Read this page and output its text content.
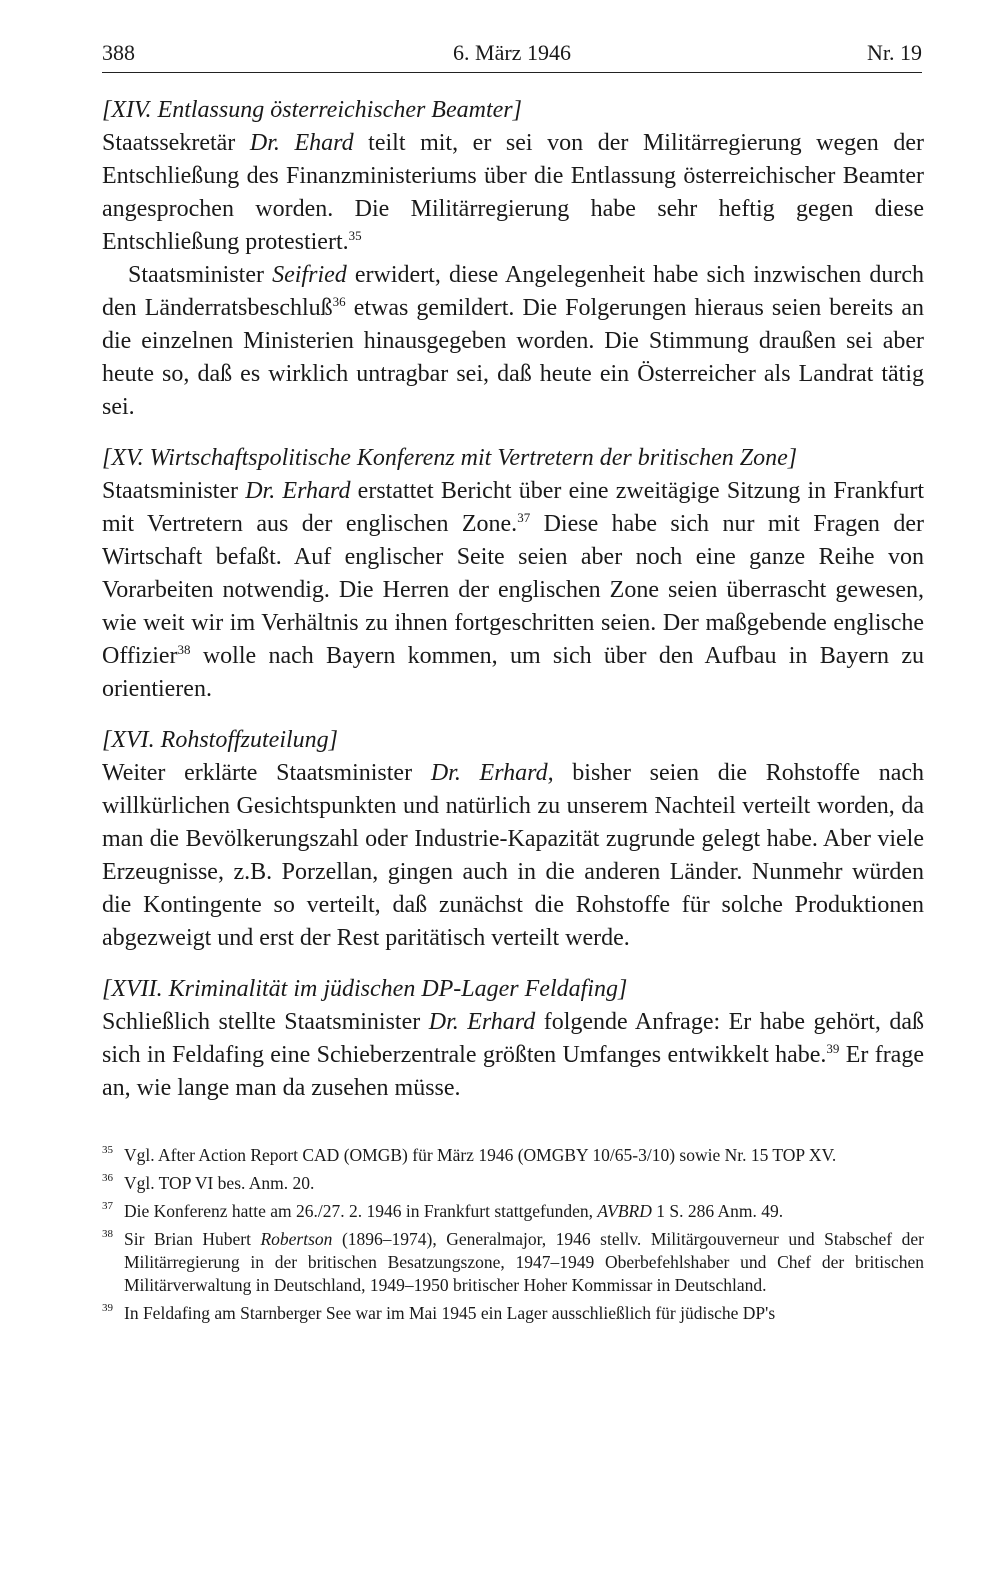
388	6. März 1946	Nr. 19

[XIV. Entlassung österreichischer Beamter]

Staatssekretär Dr. Ehard teilt mit, er sei von der Militärregierung wegen der Entschließung des Finanzministeriums über die Entlassung österreichischer Beamter angesprochen worden. Die Militärregierung habe sehr heftig gegen diese Entschließung protestiert.$^{35}$

Staatsminister Seifried erwidert, diese Angelegenheit habe sich inzwischen durch den Länderratsbeschluß$^{36}$ etwas gemildert. Die Folgerungen hieraus seien bereits an die einzelnen Ministerien hinausgegeben worden. Die Stimmung draußen sei aber heute so, daß es wirklich untragbar sei, daß heute ein Österreicher als Landrat tätig sei.

[XV. Wirtschaftspolitische Konferenz mit Vertretern der britischen Zone]

Staatsminister Dr. Erhard erstattet Bericht über eine zweitägige Sitzung in Frankfurt mit Vertretern aus der englischen Zone.$^{37}$ Diese habe sich nur mit Fragen der Wirtschaft befaßt. Auf englischer Seite seien aber noch eine ganze Reihe von Vorarbeiten notwendig. Die Herren der englischen Zone seien überrascht gewesen, wie weit wir im Verhältnis zu ihnen fortgeschritten seien. Der maßgebende englische Offizier$^{38}$ wolle nach Bayern kommen, um sich über den Aufbau in Bayern zu orientieren.

[XVI. Rohstoffzuteilung]

Weiter erklärte Staatsminister Dr. Erhard, bisher seien die Rohstoffe nach willkürlichen Gesichtspunkten und natürlich zu unserem Nachteil verteilt worden, da man die Bevölkerungszahl oder Industrie-Kapazität zugrunde gelegt habe. Aber viele Erzeugnisse, z.B. Porzellan, gingen auch in die anderen Länder. Nunmehr würden die Kontingente so verteilt, daß zunächst die Rohstoffe für solche Produktionen abgezweigt und erst der Rest paritätisch verteilt werde.

[XVII. Kriminalität im jüdischen DP-Lager Feldafing]

Schließlich stellte Staatsminister Dr. Erhard folgende Anfrage: Er habe gehört, daß sich in Feldafing eine Schieberzentrale größten Umfanges entwikkelt habe.$^{39}$ Er frage an, wie lange man da zusehen müsse.

35 Vgl. After Action Report CAD (OMGB) für März 1946 (OMGBY 10/65-3/10) sowie Nr. 15 TOP XV.
36 Vgl. TOP VI bes. Anm. 20.
37 Die Konferenz hatte am 26./27. 2. 1946 in Frankfurt stattgefunden, AVBRD 1 S. 286 Anm. 49.
38 Sir Brian Hubert Robertson (1896–1974), Generalmajor, 1946 stellv. Militärgouverneur und Stabschef der Militärregierung in der britischen Besatzungszone, 1947–1949 Oberbefehlshaber und Chef der britischen Militärverwaltung in Deutschland, 1949–1950 britischer Hoher Kommissar in Deutschland.
39 In Feldafing am Starnberger See war im Mai 1945 ein Lager ausschließlich für jüdische DP's
